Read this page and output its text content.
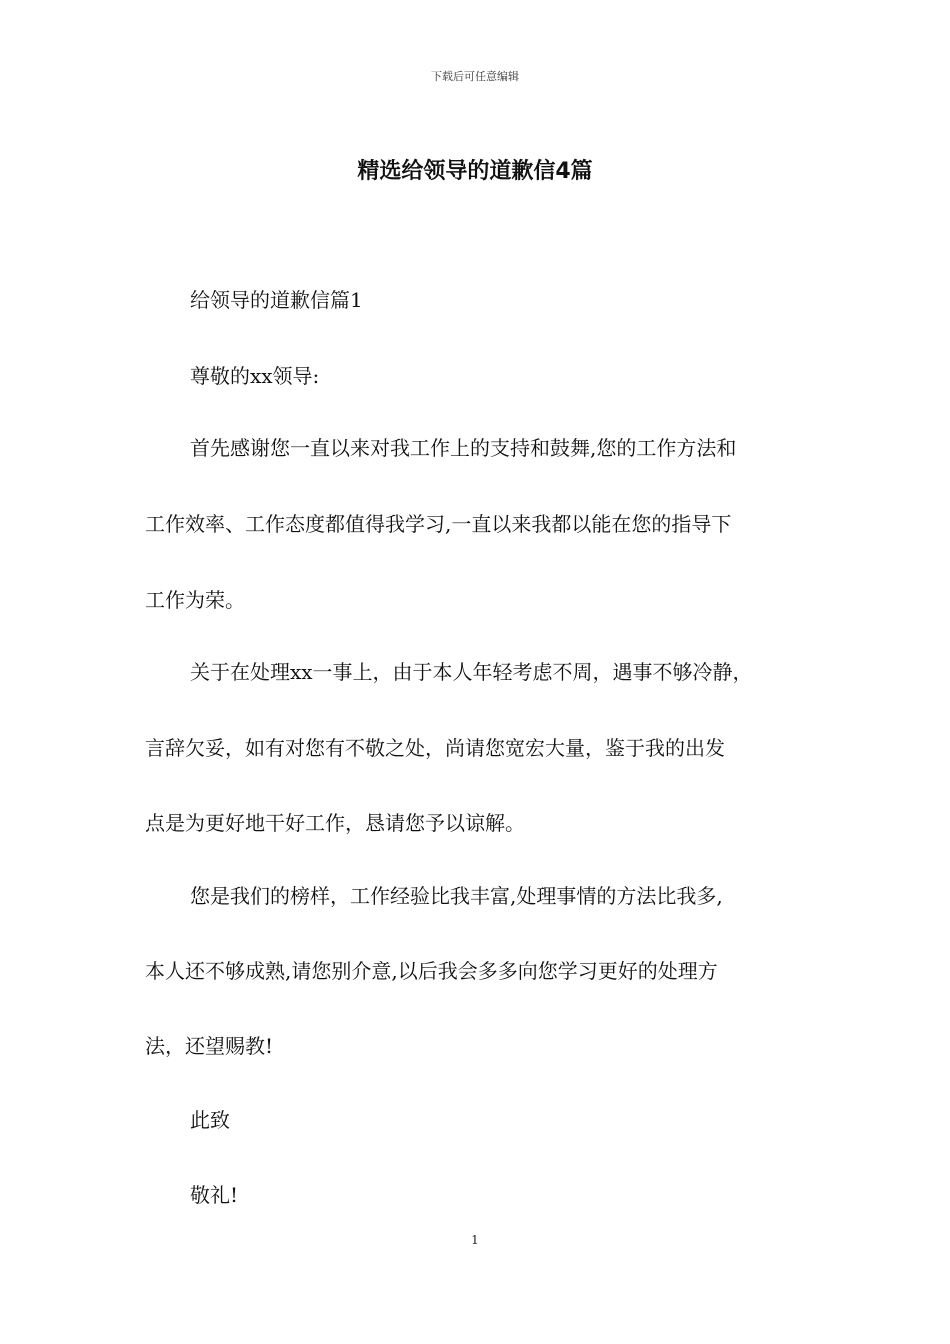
下载后可任意编辑
精选给领导的道歉信4篇
给领导的道歉信篇1
尊敬的xx领导:
首先感谢您一直以来对我工作上的支持和鼓舞,您的工作方法和
工作效率、工作态度都值得我学习,一直以来我都以能在您的指导下
工作为荣。
关于在处理xx一事上，由于本人年轻考虑不周，遇事不够冷静，
言辞欠妥，如有对您有不敬之处，尚请您宽宏大量，鉴于我的出发
点是为更好地干好工作，恳请您予以谅解。
您是我们的榜样，工作经验比我丰富,处理事情的方法比我多,
本人还不够成熟,请您别介意,以后我会多多向您学习更好的处理方
法，还望赐教!
此致
敬礼!
1
